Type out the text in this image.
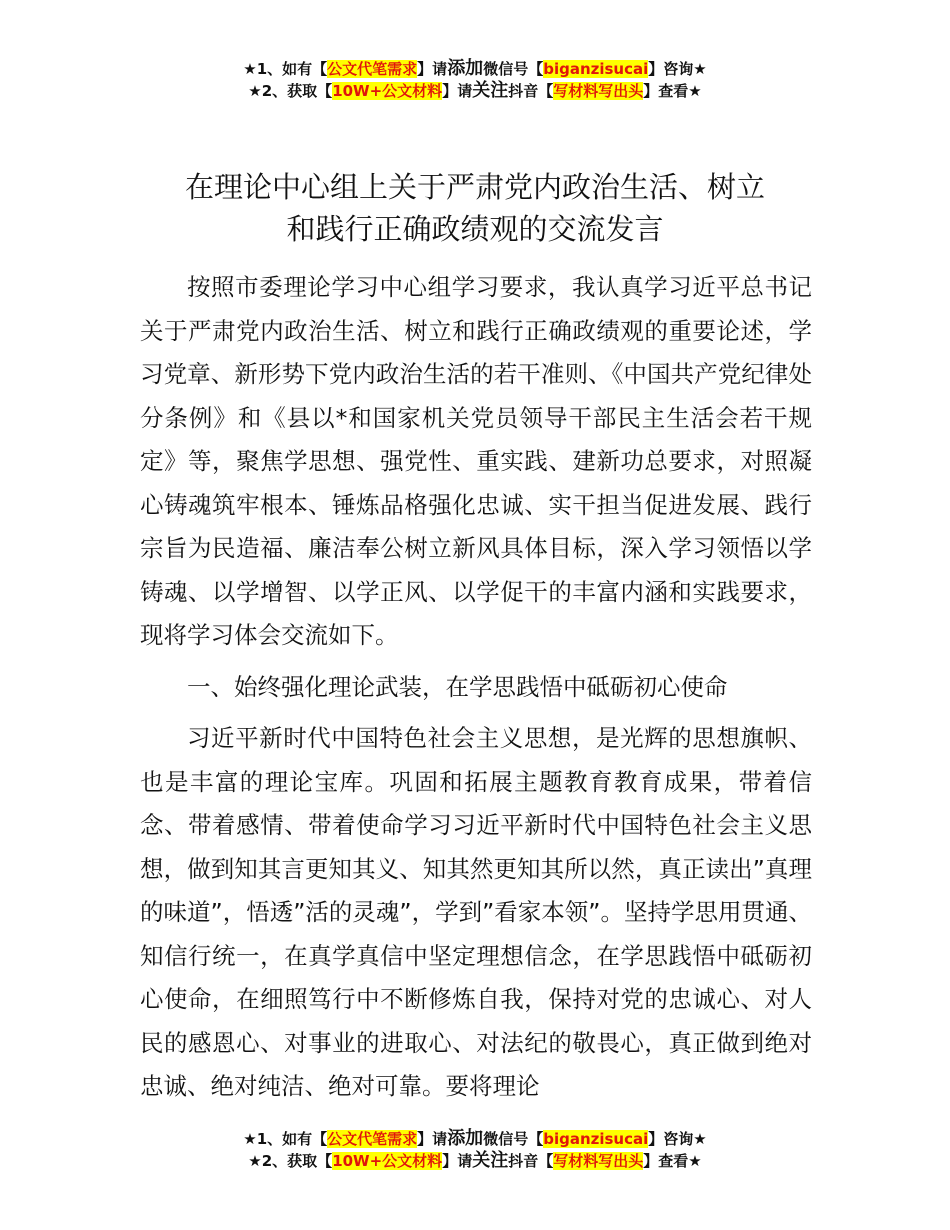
★1、如有【公文代笔需求】请添加微信号【biganzisucai】咨询★
★2、获取【10W+公文材料】请关注抖音【写材料写出头】查看★
在理论中心组上关于严肃党内政治生活、树立
和践行正确政绩观的交流发言

按照市委理论学习中心组学习要求，我认真学习近平总书记关于严肃党内政治生活、树立和践行正确政绩观的重要论述，学习党章、新形势下党内政治生活的若干准则、《中国共产党纪律处分条例》和《县以*和国家机关党员领导干部民主生活会若干规定》等，聚焦学思想、强党性、重实践、建新功总要求，对照凝心铸魂筑牢根本、锤炼品格强化忠诚、实干担当促进发展、践行宗旨为民造福、廉洁奉公树立新风具体目标，深入学习领悟以学铸魂、以学增智、以学正风、以学促干的丰富内涵和实践要求，现将学习体会交流如下。

一、始终强化理论武装，在学思践悟中砥砺初心使命

习近平新时代中国特色社会主义思想，是光辉的思想旗帜、也是丰富的理论宝库。巩固和拓展主题教育教育成果，带着信念、带着感情、带着使命学习习近平新时代中国特色社会主义思想，做到知其言更知其义、知其然更知其所以然，真正读出”真理的味道”，悟透”活的灵魂”，学到”看家本领”。坚持学思用贯通、知信行统一，在真学真信中坚定理想信念，在学思践悟中砥砺初心使命，在细照笃行中不断修炼自我，保持对党的忠诚心、对人民的感恩心、对事业的进取心、对法纪的敬畏心，真正做到绝对忠诚、绝对纯洁、绝对可靠。要将理论

★1、如有【公文代笔需求】请添加微信号【biganzisucai】咨询★
★2、获取【10W+公文材料】请关注抖音【写材料写出头】查看★
